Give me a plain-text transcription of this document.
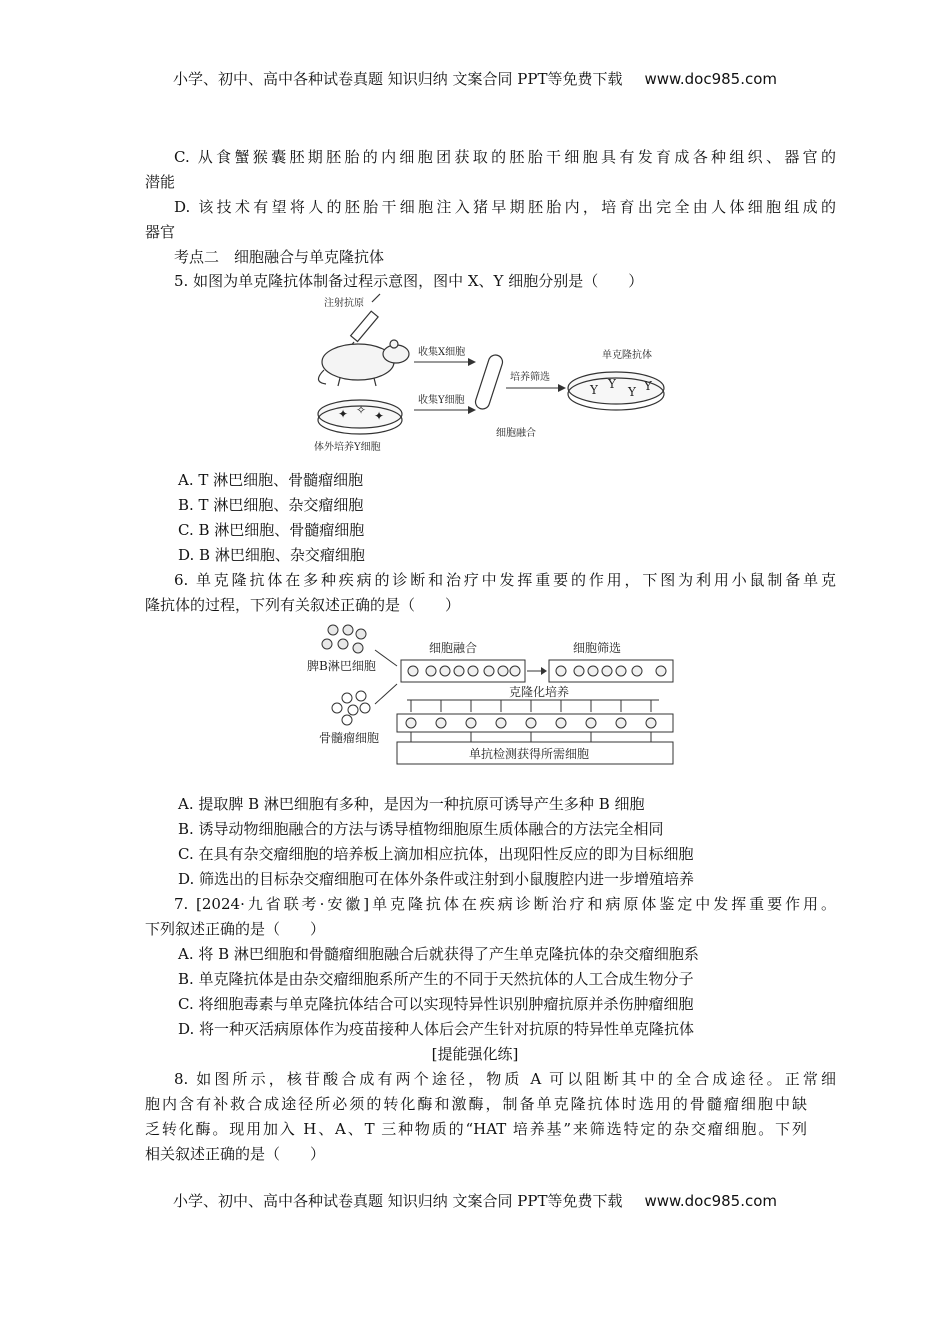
小学、初中、高中各种试卷真题 知识归纳 文案合同 PPT等免费下载 www.doc985.com
小学、初中、高中各种试卷真题 知识归纳 文案合同 PPT等免费下载 www.doc985.com
C. 从食蟹猴囊胚期胚胎的内细胞团获取的胚胎干细胞具有发育成各种组织、器官的
潜能
D. 该技术有望将人的胚胎干细胞注入猪早期胚胎内，培育出完全由人体细胞组成的
器官
考点二　细胞融合与单克隆抗体
5. 如图为单克隆抗体制备过程示意图，图中 X、Y 细胞分别是（　　）
注射抗原
收集X细胞
收集Y细胞
✦ ✧ ✦
体外培养Y细胞
细胞融合
培养筛选
Y Y
Y Y
单克隆抗体
A. T 淋巴细胞、骨髓瘤细胞
B. T 淋巴细胞、杂交瘤细胞
C. B 淋巴细胞、骨髓瘤细胞
D. B 淋巴细胞、杂交瘤细胞
6. 单克隆抗体在多种疾病的诊断和治疗中发挥重要的作用，下图为利用小鼠制备单克
隆抗体的过程，下列有关叙述正确的是（　　）
脾B淋巴细胞
骨髓瘤细胞
细胞融合	细胞筛选
克隆化培养
单抗检测获得所需细胞
A. 提取脾 B 淋巴细胞有多种，是因为一种抗原可诱导产生多种 B 细胞
B. 诱导动物细胞融合的方法与诱导植物细胞原生质体融合的方法完全相同
C. 在具有杂交瘤细胞的培养板上滴加相应抗体，出现阳性反应的即为目标细胞
D. 筛选出的目标杂交瘤细胞可在体外条件或注射到小鼠腹腔内进一步增殖培养
7. [2024·九省联考·安徽]单克隆抗体在疾病诊断治疗和病原体鉴定中发挥重要作用。
下列叙述正确的是（　　）
A. 将 B 淋巴细胞和骨髓瘤细胞融合后就获得了产生单克隆抗体的杂交瘤细胞系
B. 单克隆抗体是由杂交瘤细胞系所产生的不同于天然抗体的人工合成生物分子
C. 将细胞毒素与单克隆抗体结合可以实现特异性识别肿瘤抗原并杀伤肿瘤细胞
D. 将一种灭活病原体作为疫苗接种人体后会产生针对抗原的特异性单克隆抗体
[提能强化练]
8. 如图所示，核苷酸合成有两个途径，物质 A 可以阻断其中的全合成途径。正常细
胞内含有补救合成途径所必须的转化酶和激酶，制备单克隆抗体时选用的骨髓瘤细胞中缺
乏转化酶。现用加入 H、A、T 三种物质的“HAT 培养基”来筛选特定的杂交瘤细胞。下列
相关叙述正确的是（　　）
